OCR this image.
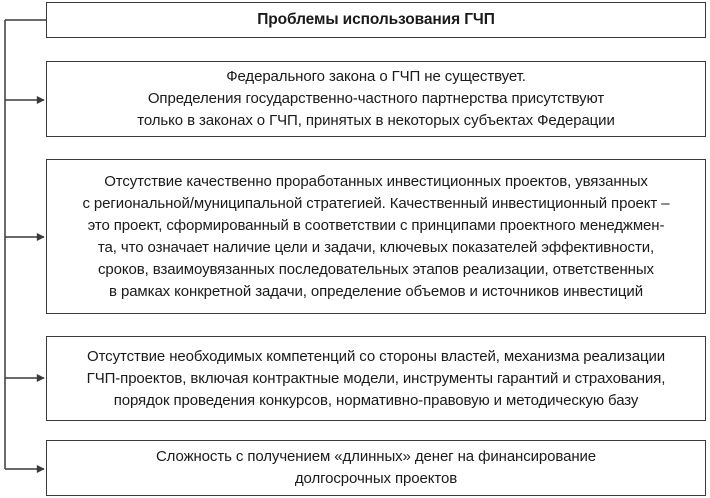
Проблемы использования ГЧП
Федерального закона о ГЧП не существует.
Определения государственно-частного партнерства присутствуют
только в законах о ГЧП, принятых в некоторых субъектах Федерации
Отсутствие качественно проработанных инвестиционных проектов, увязанных
с региональной/муниципальной стратегией. Качественный инвестиционный проект –
это проект, сформированный в соответствии с принципами проектного менеджмен-
та, что означает наличие цели и задачи, ключевых показателей эффективности,
сроков, взаимоувязанных последовательных этапов реализации, ответственных
в рамках конкретной задачи, определение объемов и источников инвестиций
Отсутствие необходимых компетенций со стороны властей, механизма реализации
ГЧП-проектов, включая контрактные модели, инструменты гарантий и страхования,
порядок проведения конкурсов, нормативно-правовую и методическую базу
Сложность с получением «длинных» денег на финансирование
долгосрочных проектов
